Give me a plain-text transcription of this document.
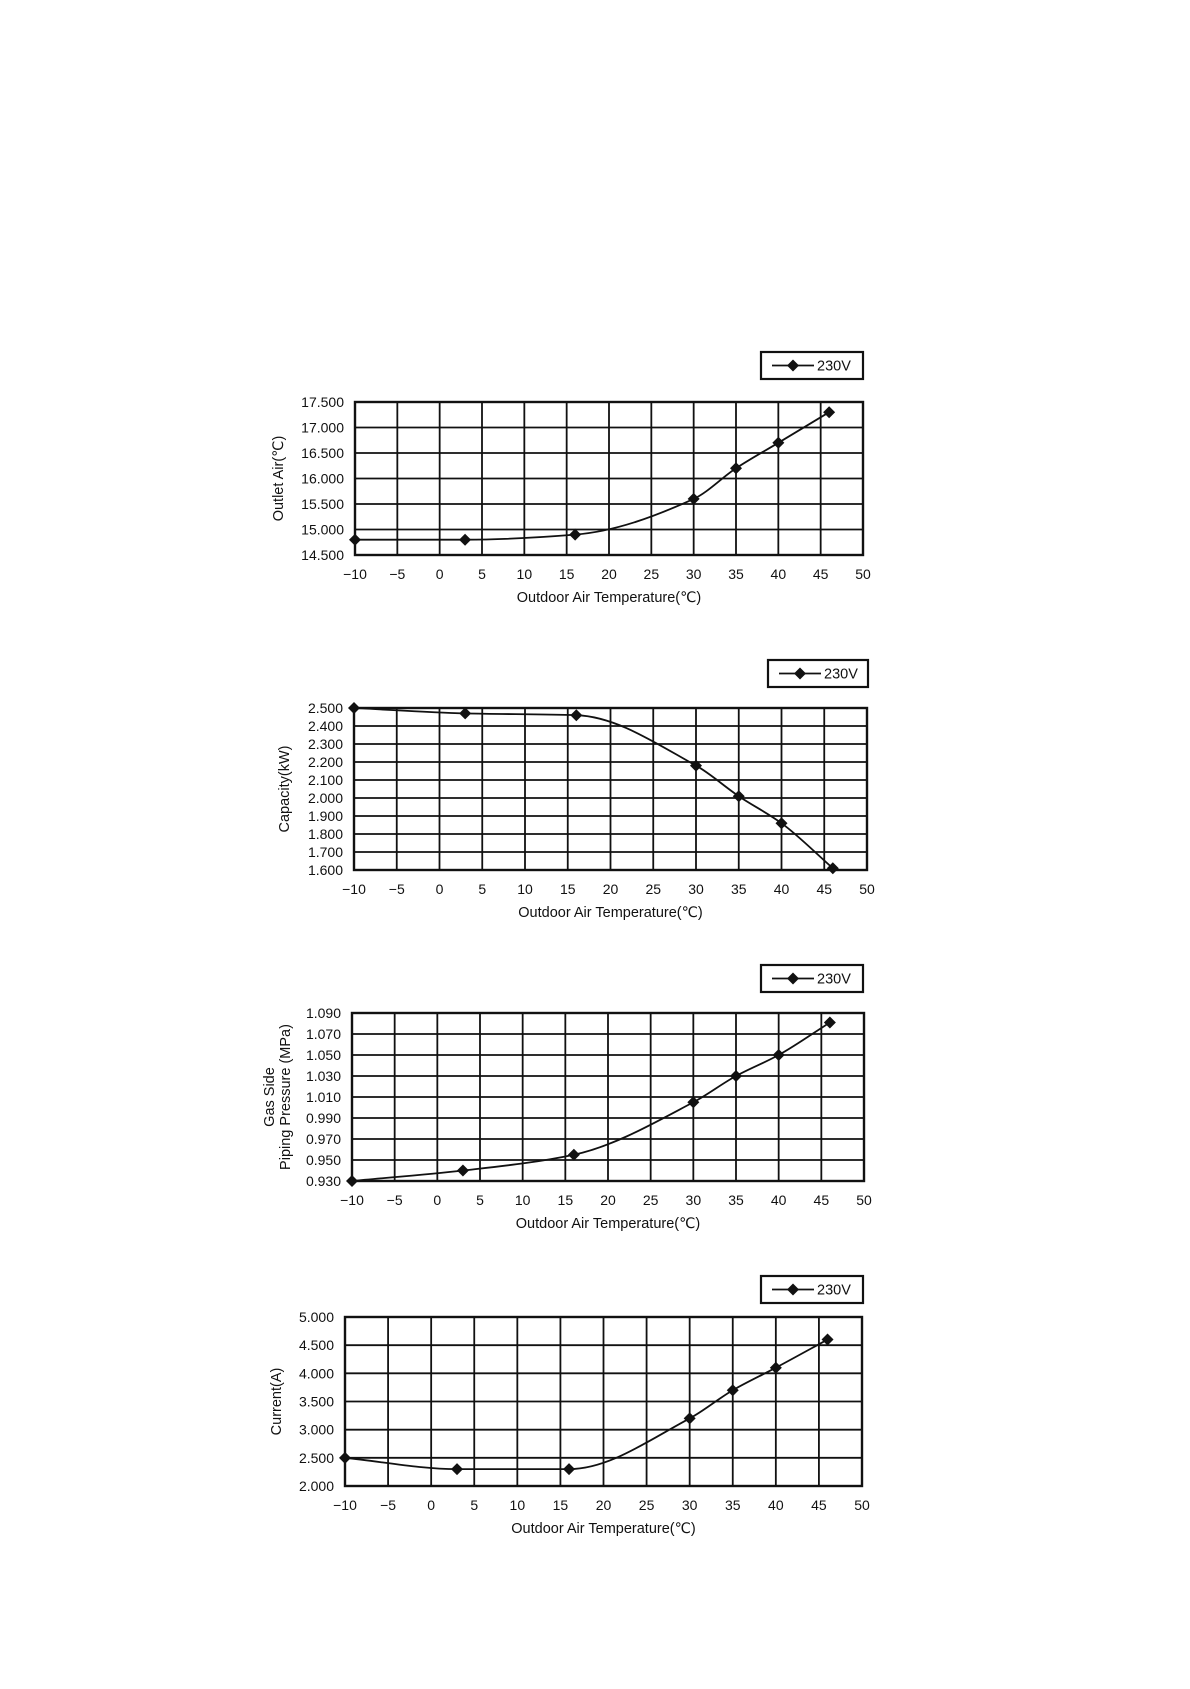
−10 −5 0 5 10 15 20 25 30 35 40 45 50
14.500
15.000
15.500
16.000
16.500
17.000
17.500
Outdoor Air Temperature(℃)
Outlet Air(℃)
230V
−10 −5 0 5 10 15 20 25 30 35 40 45 50
1.600
1.700
1.800
1.900
2.000
2.100
2.200
2.300
2.400
2.500
Outdoor Air Temperature(℃)
Capacity(kW)
230V
−10 −5 0 5 10 15 20 25 30 35 40 45 50
0.930
0.950
0.970
0.990
1.010
1.030
1.050
1.070
1.090
Outdoor Air Temperature(℃)
Gas Side Piping Pressure (MPa)
230V
−10 −5 0	5 10 15 20 25 30 35 40 45 50
2.000
2.500
3.000
3.500
4.000
4.500
5.000
Outdoor Air Temperature(℃)
Current(A)
230V
